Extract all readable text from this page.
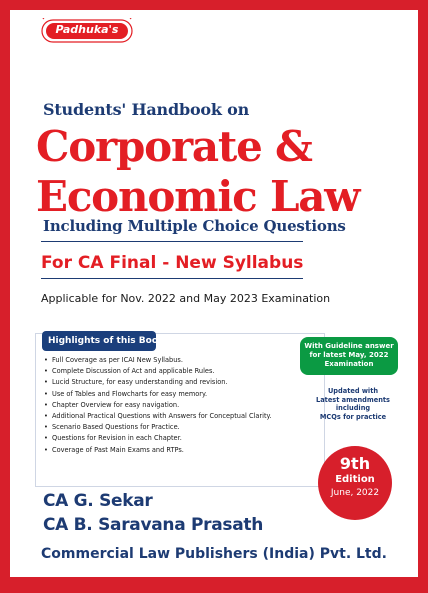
Padhuka's
Students' Handbook on
Corporate &
Economic Law
Including Multiple Choice Questions
For CA Final - New Syllabus
Applicable for Nov. 2022 and May 2023 Examination
Highlights of this Book:
• Full Coverage as per ICAI New Syllabus.
• Complete Discussion of Act and applicable Rules.
• Lucid Structure, for easy understanding and revision.
• Use of Tables and Flowcharts for easy memory.
• Chapter Overview for easy navigation.
• Additional Practical Questions with Answers for Conceptual Clarity.
• Scenario Based Questions for Practice.
• Questions for Revision in each Chapter.
• Coverage of Past Main Exams and RTPs.
With Guideline answer
for latest May, 2022
Examination
Updated with
Latest amendments including
MCQs for practice
CA G. Sekar
CA B. Saravana Prasath
9th
Edition
June, 2022
Commercial Law Publishers (India) Pvt. Ltd.
